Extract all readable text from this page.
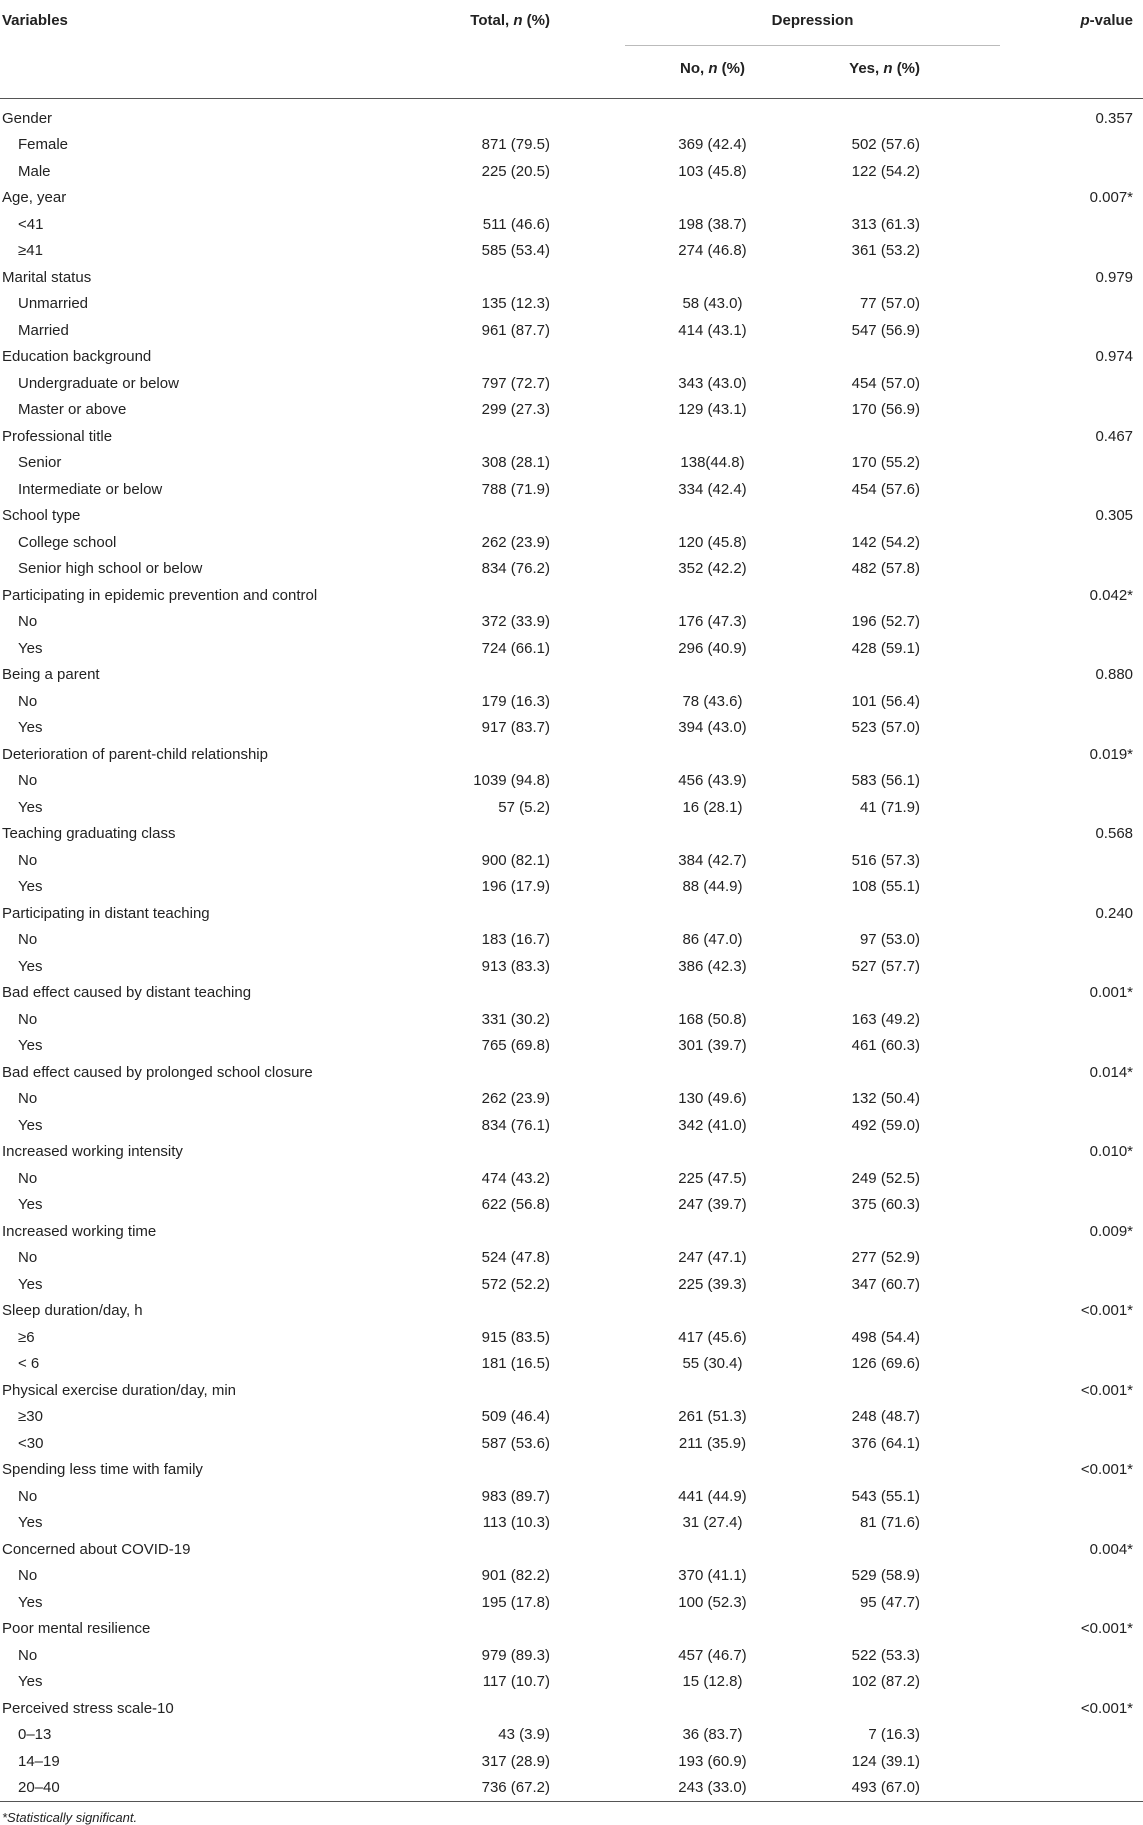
Variables	Total, n (%)	Depression		p-value
		No, n (%)	Yes, n (%)	
Gender				0.357
Female	871 (79.5)	369 (42.4)	502 (57.6)	
Male	225 (20.5)	103 (45.8)	122 (54.2)	
Age, year				0.007*
<41	511 (46.6)	198 (38.7)	313 (61.3)	
≥41	585 (53.4)	274 (46.8)	361 (53.2)	
Marital status				0.979
Unmarried	135 (12.3)	58 (43.0)	77 (57.0)	
Married	961 (87.7)	414 (43.1)	547 (56.9)	
Education background				0.974
Undergraduate or below	797 (72.7)	343 (43.0)	454 (57.0)	
Master or above	299 (27.3)	129 (43.1)	170 (56.9)	
Professional title				0.467
Senior	308 (28.1)	138(44.8)	170 (55.2)	
Intermediate or below	788 (71.9)	334 (42.4)	454 (57.6)	
School type				0.305
College school	262 (23.9)	120 (45.8)	142 (54.2)	
Senior high school or below	834 (76.2)	352 (42.2)	482 (57.8)	
Participating in epidemic prevention and control				0.042*
No	372 (33.9)	176 (47.3)	196 (52.7)	
Yes	724 (66.1)	296 (40.9)	428 (59.1)	
Being a parent				0.880
No	179 (16.3)	78 (43.6)	101 (56.4)	
Yes	917 (83.7)	394 (43.0)	523 (57.0)	
Deterioration of parent-child relationship				0.019*
No	1039 (94.8)	456 (43.9)	583 (56.1)	
Yes	57 (5.2)	16 (28.1)	41 (71.9)	
Teaching graduating class				0.568
No	900 (82.1)	384 (42.7)	516 (57.3)	
Yes	196 (17.9)	88 (44.9)	108 (55.1)	
Participating in distant teaching				0.240
No	183 (16.7)	86 (47.0)	97 (53.0)	
Yes	913 (83.3)	386 (42.3)	527 (57.7)	
Bad effect caused by distant teaching				0.001*
No	331 (30.2)	168 (50.8)	163 (49.2)	
Yes	765 (69.8)	301 (39.7)	461 (60.3)	
Bad effect caused by prolonged school closure				0.014*
No	262 (23.9)	130 (49.6)	132 (50.4)	
Yes	834 (76.1)	342 (41.0)	492 (59.0)	
Increased working intensity				0.010*
No	474 (43.2)	225 (47.5)	249 (52.5)	
Yes	622 (56.8)	247 (39.7)	375 (60.3)	
Increased working time				0.009*
No	524 (47.8)	247 (47.1)	277 (52.9)	
Yes	572 (52.2)	225 (39.3)	347 (60.7)	
Sleep duration/day, h				<0.001*
≥6	915 (83.5)	417 (45.6)	498 (54.4)	
< 6	181 (16.5)	55 (30.4)	126 (69.6)	
Physical exercise duration/day, min				<0.001*
≥30	509 (46.4)	261 (51.3)	248 (48.7)	
<30	587 (53.6)	211 (35.9)	376 (64.1)	
Spending less time with family				<0.001*
No	983 (89.7)	441 (44.9)	543 (55.1)	
Yes	113 (10.3)	31 (27.4)	81 (71.6)	
Concerned about COVID-19				0.004*
No	901 (82.2)	370 (41.1)	529 (58.9)	
Yes	195 (17.8)	100 (52.3)	95 (47.7)	
Poor mental resilience				<0.001*
No	979 (89.3)	457 (46.7)	522 (53.3)	
Yes	117 (10.7)	15 (12.8)	102 (87.2)	
Perceived stress scale-10				<0.001*
0–13	43 (3.9)	36 (83.7)	7 (16.3)	
14–19	317 (28.9)	193 (60.9)	124 (39.1)	
20–40	736 (67.2)	243 (33.0)	493 (67.0)	
*Statistically significant.
